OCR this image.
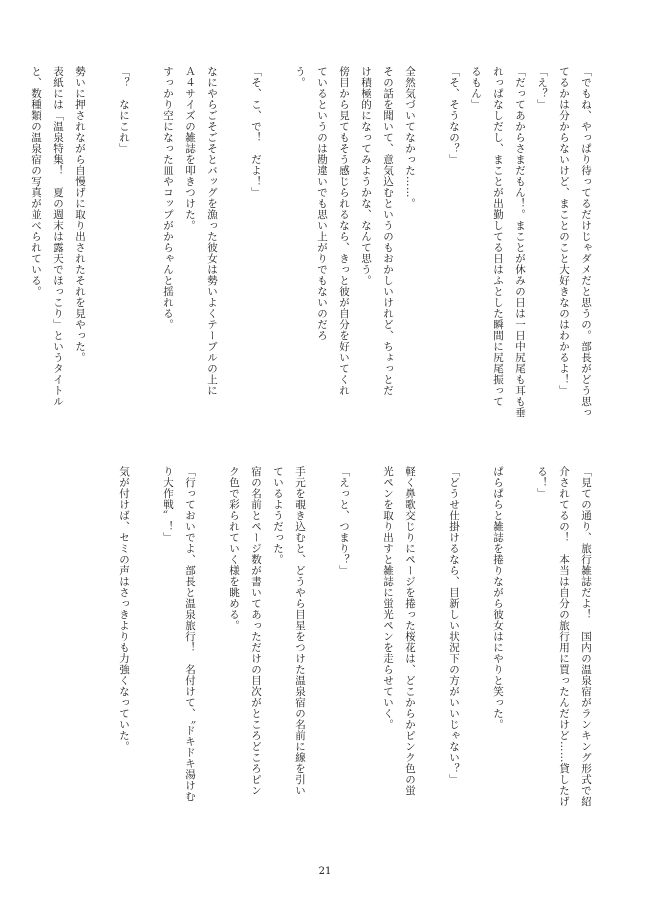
「でもね、やっぱり待ってるだけじゃダメだと思うの。部長がどう思っ
てるかは分からないけど、まことのこと大好きなのはわかるよ！」
「え？」
「だってあからさまだもん！。まことが休みの日は一日中尻尾も耳も垂
れっぱなしだし、まことが出勤してる日はふとした瞬間に尻尾振って
るもん」
「そ、そうなの？」

全然気づいてなかった……。
その話を聞いて、意気込むというのもおかしいけれど、ちょっとだ
け積極的になってみようかな、なんて思う。
傍目から見てもそう感じられるなら、きっと彼が自分を好いてくれ
ているというのは勘違いでも思い上がりでもないのだろ
う。

「そ、こ、で！　だよ！」

なにやらごそごそとバッグを漁った彼女は勢いよくテーブルの上に
Ａ４サイズの雑誌を叩きつけた。
すっかり空になった皿やコップがからゃんと揺れる。

「？　なにこれ」

勢いに押されながら自慢げに取り出されたそれを見やった。
表紙には「温泉特集！　夏の週末は露天でほっこり」というタイトル
と、数種類の温泉宿の写真が並べられている。
「見ての通り、旅行雑誌だよ！　国内の温泉宿がランキング形式で紹
介されてるの！　本当は自分の旅行用に買ったんだけど……貸したげ
る！」

ぱらぱらと雑誌を捲りながら彼女はにやりと笑った。

「どうせ仕掛けるなら、目新しい状況下の方がいいじゃない？」

軽く鼻歌交じりにページを捲った桜花は、どこからかピンク色の蛍
光ペンを取り出すと雑誌に蛍光ペンを走らせていく。

「えっと、つまり？」

手元を覗き込むと、どうやら目星をつけた温泉宿の名前に線を引い
ているようだった。
宿の名前とページ数が書いてあっただけの目次がところどころピン
ク色で彩られていく様を眺める。

「行っておいでよ、部長と温泉旅行！　名付けて、〝ドキドキ湯けむ
り大作戦〟！」

気が付けば、セミの声はさっきよりも力強くなっていた。
21
